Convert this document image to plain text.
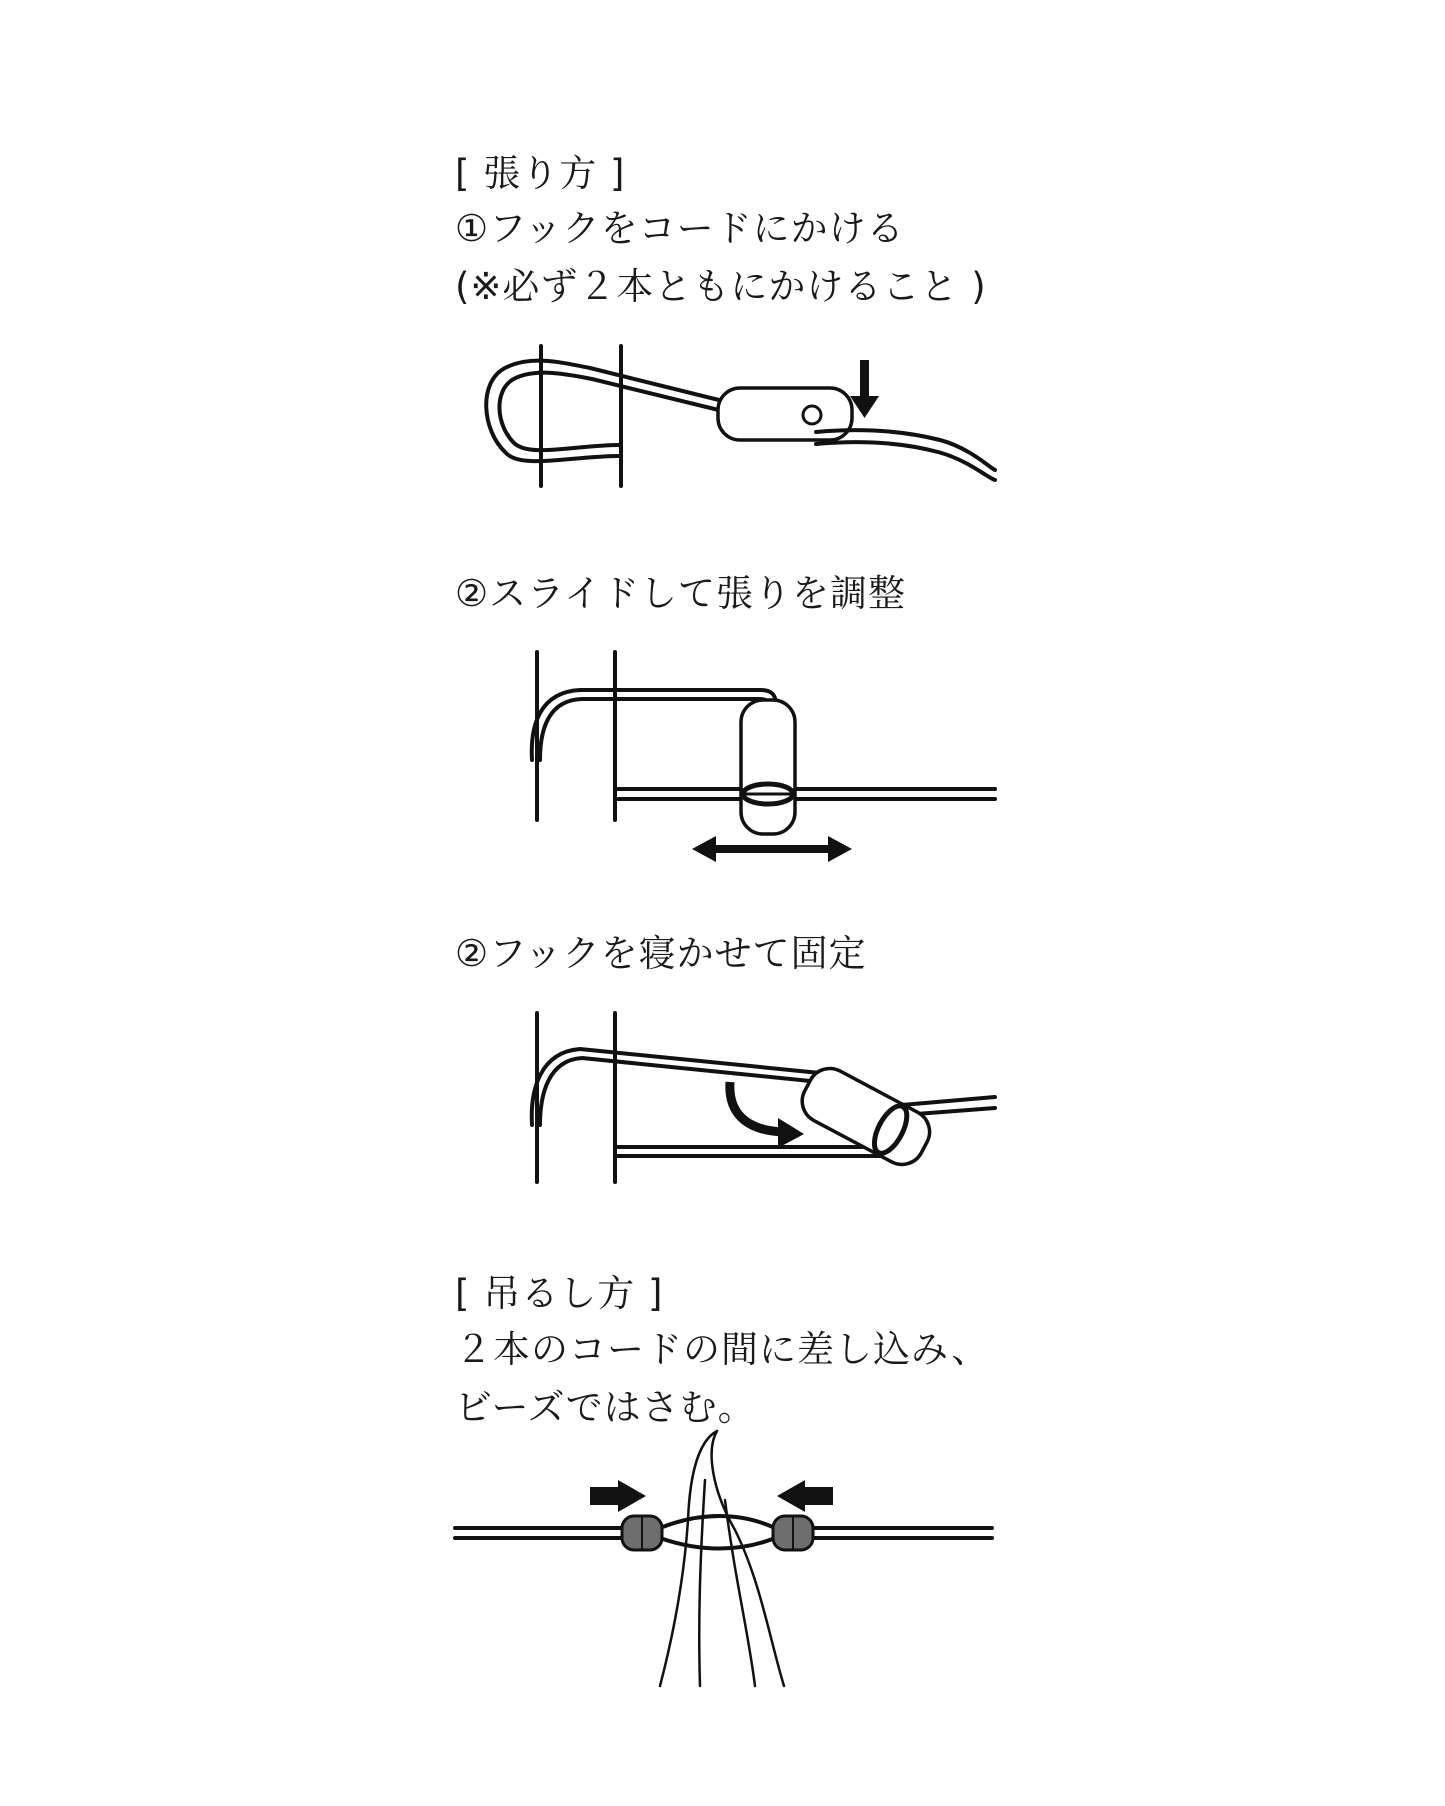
[ 張り方 ]
①フックをコードにかける
(※必ず２本ともにかけること )
②スライドして張りを調整
②フックを寝かせて固定
[ 吊るし方 ]
２本のコードの間に差し込み、
ビーズではさむ。
